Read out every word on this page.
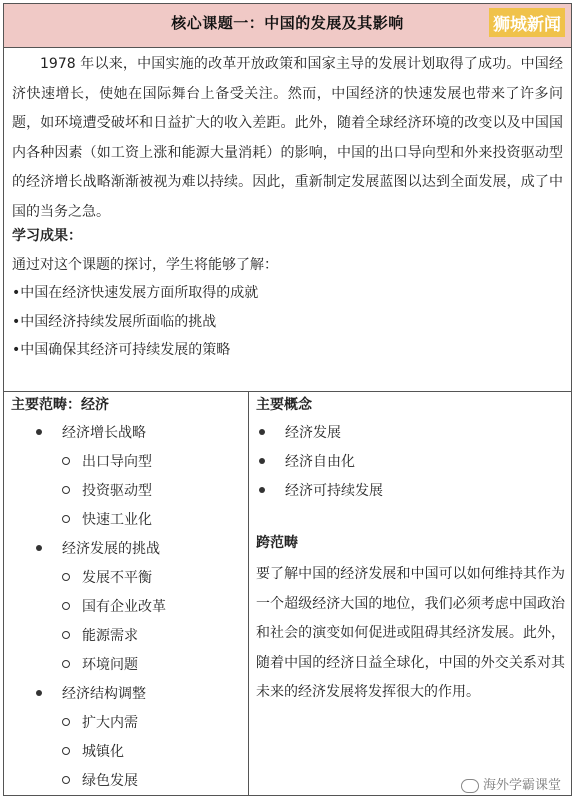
核心课题一：中国的发展及其影响	狮城新闻

1978 年以来，中国实施的改革开放政策和国家主导的发展计划取得了成功。中国经济快速增长，使她在国际舞台上备受关注。然而，中国经济的快速发展也带来了许多问题，如环境遭受破坏和日益扩大的收入差距。此外，随着全球经济环境的改变以及中国国内各种因素（如工资上涨和能源大量消耗）的影响，中国的出口导向型和外来投资驱动型的经济增长战略渐渐被视为难以持续。因此，重新制定发展蓝图以达到全面发展，成了中国的当务之急。

学习成果：
通过对这个课题的探讨，学生将能够了解：
•中国在经济快速发展方面所取得的成就
•中国经济持续发展所面临的挑战
•中国确保其经济可持续发展的策略
主要范畴：经济
经济增长战略
出口导向型
投资驱动型
快速工业化
经济发展的挑战
发展不平衡
国有企业改革
能源需求
环境问题
经济结构调整
扩大内需
城镇化
绿色发展
主要概念
经济发展
经济自由化
经济可持续发展
跨范畴
要了解中国的经济发展和中国可以如何维持其作为一个超级经济大国的地位，我们必须考虑中国政治和社会的演变如何促进或阻碍其经济发展。此外，随着中国的经济日益全球化，中国的外交关系对其未来的经济发展将发挥很大的作用。
海外学霸课堂
